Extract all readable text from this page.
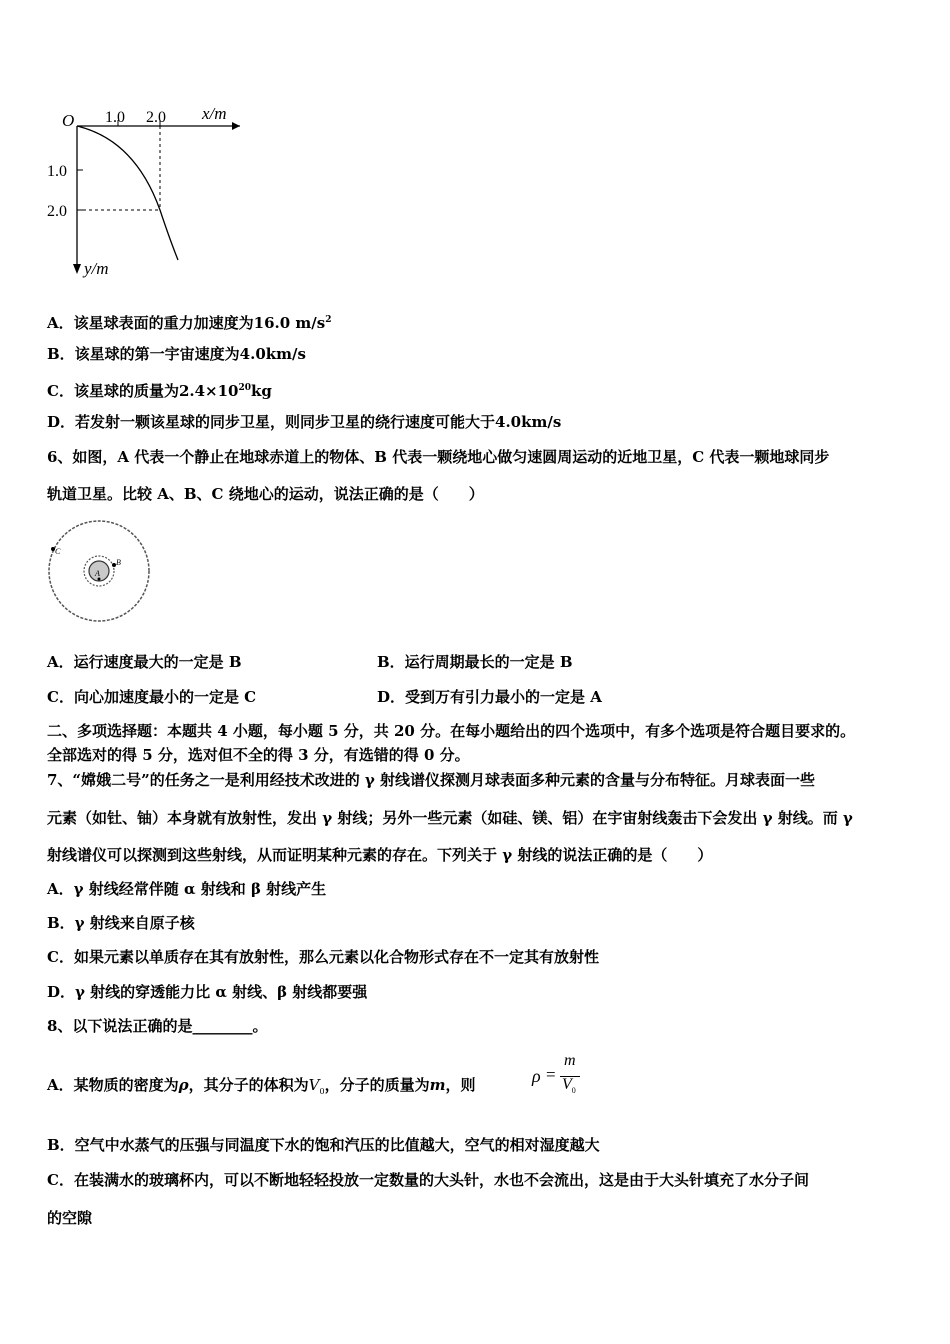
O 1.0 2.0 x/m
1.0
2.0
y/m
A．该星球表面的重力加速度为16.0 $m/s^2$
B．该星球的第一宇宙速度为4.0km/s
C．该星球的质量为$2.4\times 10^{20}kg$
D．若发射一颗该星球的同步卫星，则同步卫星的绕行速度可能大于4.0km/s
6、如图，A 代表一个静止在地球赤道上的物体、B 代表一颗绕地心做匀速圆周运动的近地卫星，C 代表一颗地球同步
轨道卫星。比较 A、B、C 绕地心的运动，说法正确的是（　　）
A
B
C
A．运行速度最大的一定是 B	B．运行周期最长的一定是 B
C．向心加速度最小的一定是 C	D．受到万有引力最小的一定是 A
二、多项选择题：本题共 4 小题，每小题 5 分，共 20 分。在每小题给出的四个选项中，有多个选项是符合题目要求的。
全部选对的得 5 分，选对但不全的得 3 分，有选错的得 0 分。
7、“嫦娥二号”的任务之一是利用经技术改进的 γ 射线谱仪探测月球表面多种元素的含量与分布特征。月球表面一些
元素（如钍、铀）本身就有放射性，发出 γ 射线；另外一些元素（如硅、镁、铝）在宇宙射线轰击下会发出 γ 射线。而 γ
射线谱仪可以探测到这些射线，从而证明某种元素的存在。下列关于 γ 射线的说法正确的是（　　）
A．γ 射线经常伴随 α 射线和 β 射线产生
B．γ 射线来自原子核
C．如果元素以单质存在其有放射性，那么元素以化合物形式存在不一定其有放射性
D．γ 射线的穿透能力比 α 射线、β 射线都要强
8、以下说法正确的是________。
A．某物质的密度为ρ，其分子的体积为$V_0$，分子的质量为m，则	ρ =
m
$V_0$
B．空气中水蒸气的压强与同温度下水的饱和汽压的比值越大，空气的相对湿度越大
C．在装满水的玻璃杯内，可以不断地轻轻投放一定数量的大头针，水也不会流出，这是由于大头针填充了水分子间
的空隙
